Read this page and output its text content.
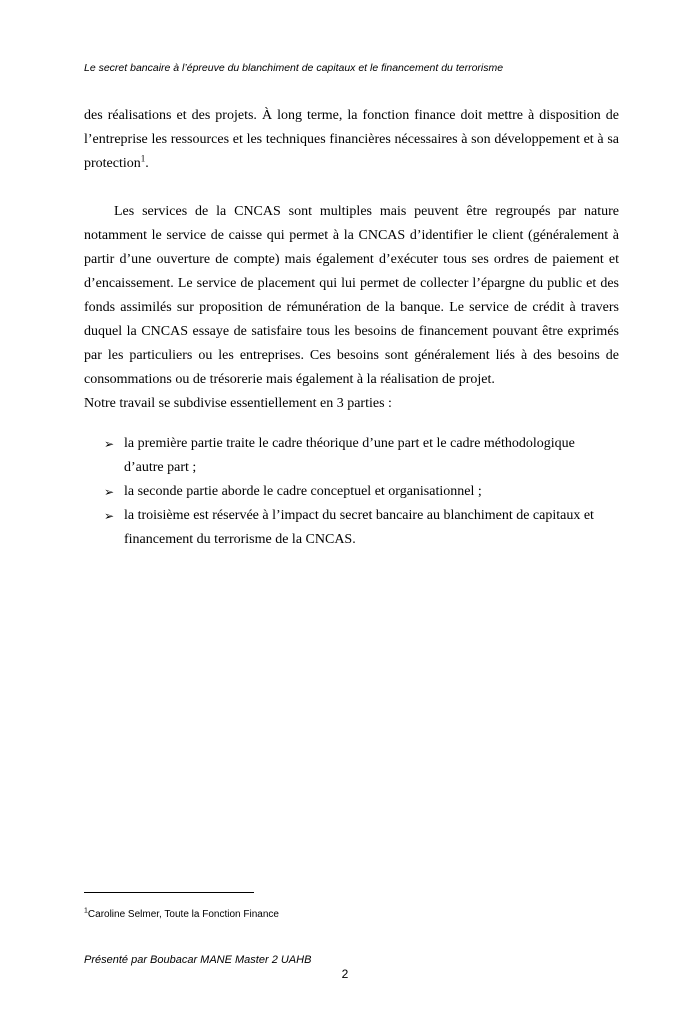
Le secret bancaire à l’épreuve du blanchiment de capitaux et le financement du terrorisme

des réalisations et des projets. À long terme, la fonction finance doit mettre à disposition de l’entreprise les ressources et les techniques financières nécessaires à son développement et à sa protection$^1$.

Les services de la CNCAS sont multiples mais peuvent être regroupés par nature notamment le service de caisse qui permet à la CNCAS d’identifier le client (généralement à partir d’une ouverture de compte) mais également d’exécuter tous ses ordres de paiement et d’encaissement. Le service de placement qui lui permet de collecter l’épargne du public et des fonds assimilés sur proposition de rémunération de la banque. Le service de crédit à travers duquel la CNCAS essaye de satisfaire tous les besoins de financement pouvant être exprimés par les particuliers ou les entreprises. Ces besoins sont généralement liés à des besoins de consommations ou de trésorerie mais également à la réalisation de projet.

Notre travail se subdivise essentiellement en 3 parties :

➢ la première partie traite le cadre théorique d’une part et le cadre méthodologique
d’autre part ;
➢ la seconde partie aborde le cadre conceptuel et organisationnel ;
➢ la troisième est réservée à l’impact du secret bancaire au blanchiment de capitaux et
financement du terrorisme de la CNCAS.
$^1$Caroline Selmer, Toute la Fonction Finance
Présenté par Boubacar MANE Master 2 UAHB
2
